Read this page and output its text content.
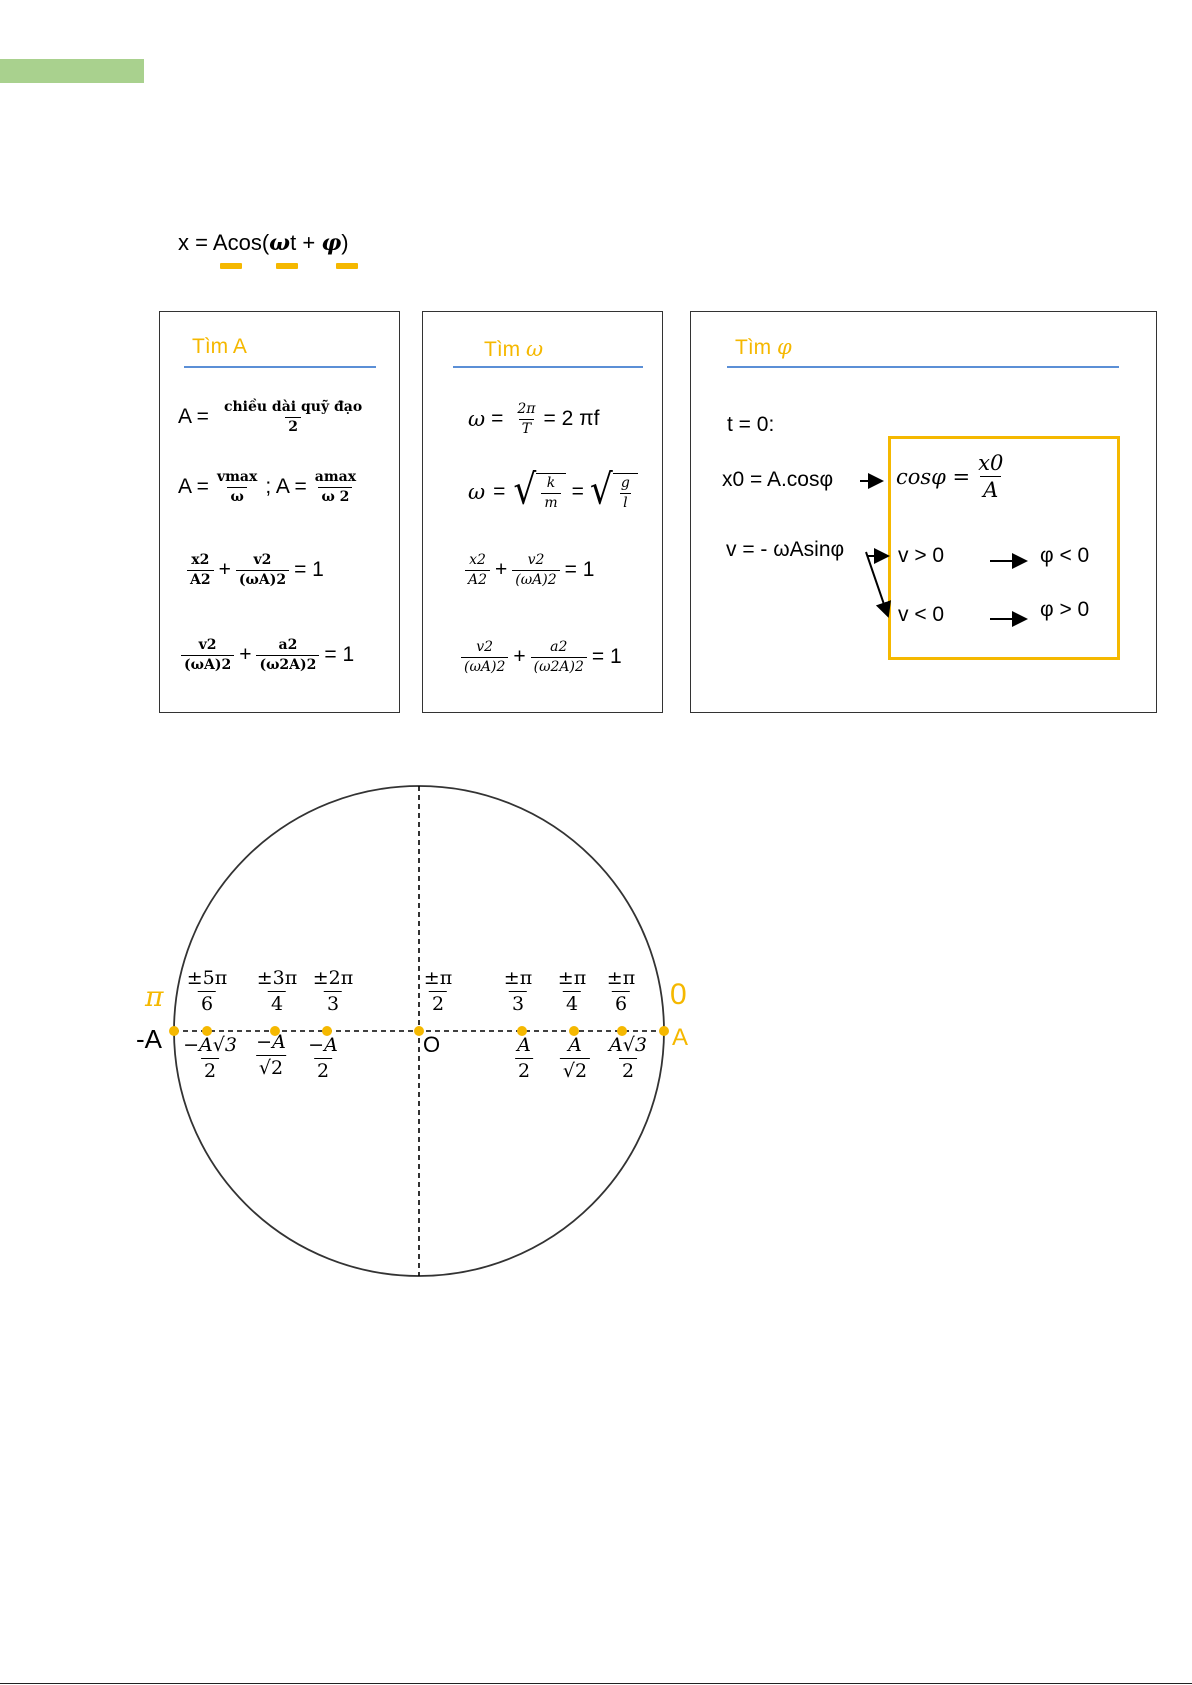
x = Acos(ωt + φ)
Tìm A
A = chiều dài quỹ đạo
2
A = vmax
ω ; A = amax
ω 2
x2
$A2 + \frac{v2}{(\omega A)2} = 1$
v2
$(\omega A)2 + \frac{a2}{(\omega 2A)2} = 1$
Tìm ω
$\omega = \frac{2\pi}{T} = 2$ πf
ω = √ $\frac{k}{m}$ = √ $\frac{g}{l}$
x2
$A2 + \frac{v2}{(\omega A)2} = 1$
v2
$(\omega A)2 + \frac{a2}{(\omega 2A)2} = 1$
Tìm φ
t = 0:
x0 = A.cosφ
v = - ωAsinφ
$\cos\varphi = \frac{x0}{A}$
v > 0	φ < 0
v < 0	φ > 0
π	0
-A	O	A
±5π
6
±3π
4
±2π
3
±π
2
±π
3
±π
4
±π
6
−A√3
2
−A
√2
−A
2
A
2
A
√2
A√3
2
